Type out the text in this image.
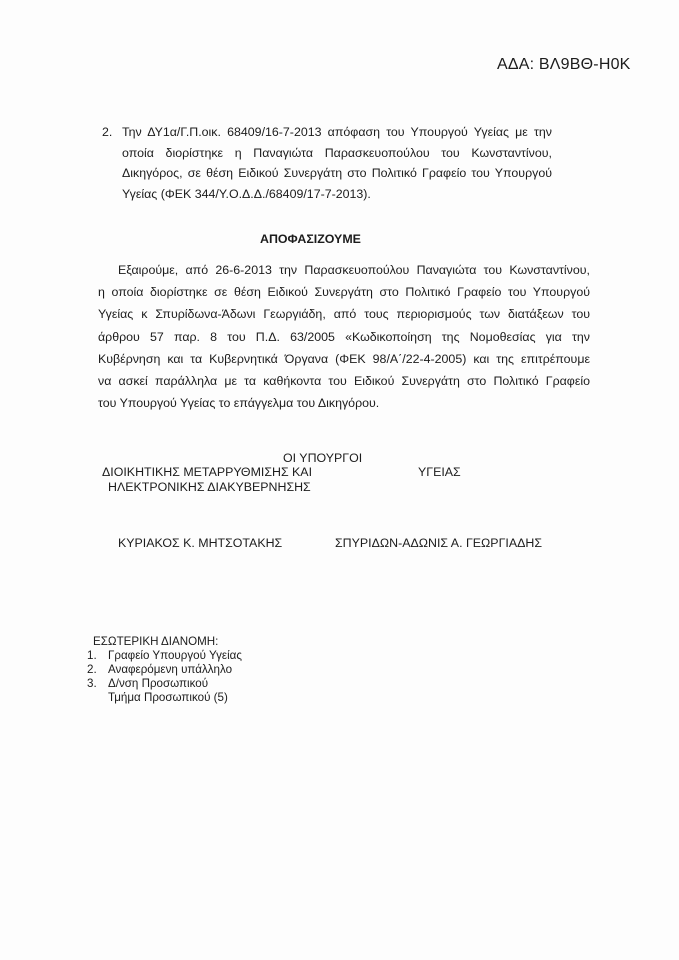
ΑΔΑ: ΒΛ9ΒΘ-Η0Κ
2. Την ΔΥ1α/Γ.Π.οικ. 68409/16-7-2013 απόφαση του Υπουργού Υγείας με την
οποία διορίστηκε η Παναγιώτα Παρασκευοπούλου του Κωνσταντίνου,
Δικηγόρος, σε θέση Ειδικού Συνεργάτη στο Πολιτικό Γραφείο του Υπουργού
Υγείας (ΦΕΚ 344/Υ.Ο.Δ.Δ./68409/17-7-2013).
ΑΠΟΦΑΣΙΖΟΥΜΕ
Εξαιρούμε, από 26-6-2013 την Παρασκευοπούλου Παναγιώτα του Κωνσταντίνου,
η οποία διορίστηκε σε θέση Ειδικού Συνεργάτη στο Πολιτικό Γραφείο του Υπουργού
Υγείας κ Σπυρίδωνα-Άδωνι Γεωργιάδη, από τους περιορισμούς των διατάξεων του
άρθρου 57 παρ. 8 του Π.Δ. 63/2005 «Κωδικοποίηση της Νομοθεσίας για την
Κυβέρνηση και τα Κυβερνητικά Όργανα (ΦΕΚ 98/Α΄/22-4-2005) και της επιτρέπουμε
να ασκεί παράλληλα με τα καθήκοντα του Ειδικού Συνεργάτη στο Πολιτικό Γραφείο
του Υπουργού Υγείας το επάγγελμα του Δικηγόρου.
ΟΙ ΥΠΟΥΡΓΟΙ
ΔΙΟΙΚΗΤΙΚΗΣ ΜΕΤΑΡΡΥΘΜΙΣΗΣ ΚΑΙ
ΗΛΕΚΤΡΟΝΙΚΗΣ ΔΙΑΚΥΒΕΡΝΗΣΗΣ
ΥΓΕΙΑΣ
ΚΥΡΙΑΚΟΣ Κ. ΜΗΤΣΟΤΑΚΗΣ	ΣΠΥΡΙΔΩΝ-ΑΔΩΝΙΣ Α. ΓΕΩΡΓΙΑΔΗΣ
ΕΣΩΤΕΡΙΚΗ ΔΙΑΝΟΜΗ:
1. Γραφείο Υπουργού Υγείας
2. Αναφερόμενη υπάλληλο
3. Δ/νση Προσωπικού
Τμήμα Προσωπικού (5)
